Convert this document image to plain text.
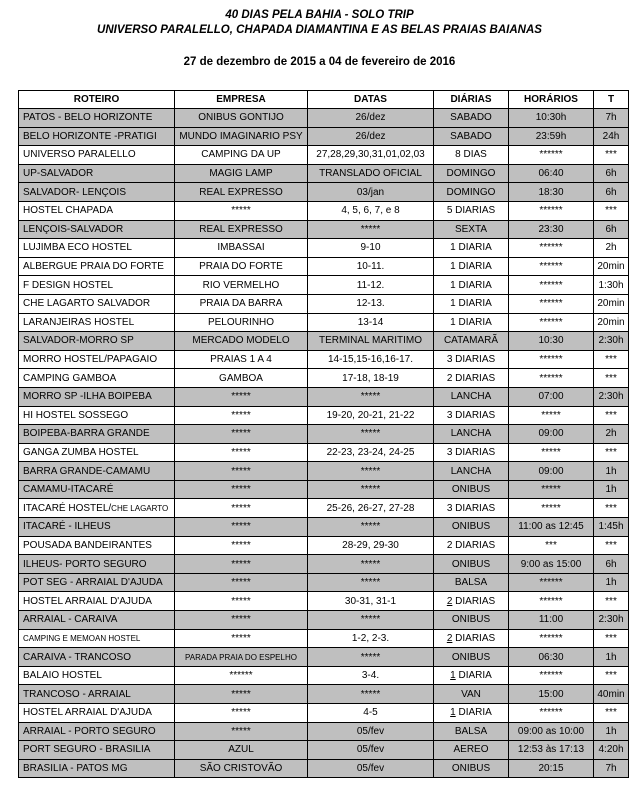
40 DIAS PELA BAHIA - SOLO TRIP
UNIVERSO PARALELLO, CHAPADA DIAMANTINA E AS BELAS PRAIAS BAIANAS
27 de dezembro de 2015 a 04 de fevereiro de 2016
ROTEIRO	EMPRESA	DATAS	DIÁRIAS	HORÁRIOS	T
PATOS - BELO HORIZONTE	ONIBUS GONTIJO	26/dez	SABADO	10:30h	7h
BELO HORIZONTE -PRATIGI	MUNDO IMAGINARIO PSY	26/dez	SABADO	23:59h	24h
UNIVERSO PARALELLO	CAMPING DA UP	27,28,29,30,31,01,02,03	8 DIAS	******	***
UP-SALVADOR	MAGIG LAMP	TRANSLADO OFICIAL	DOMINGO	06:40	6h
SALVADOR- LENÇOIS	REAL EXPRESSO	03/jan	DOMINGO	18:30	6h
HOSTEL CHAPADA	*****	4, 5, 6, 7, e 8	5 DIARIAS	******	***
LENÇOIS-SALVADOR	REAL EXPRESSO	*****	SEXTA	23:30	6h
LUJIMBA ECO HOSTEL	IMBASSAI	9-10	1 DIARIA	******	2h
ALBERGUE PRAIA DO FORTE	PRAIA DO FORTE	10-11.	1 DIARIA	******	20min
F DESIGN HOSTEL	RIO VERMELHO	11-12.	1 DIARIA	******	1:30h
CHE LAGARTO SALVADOR	PRAIA DA BARRA	12-13.	1 DIARIA	******	20min
LARANJEIRAS HOSTEL	PELOURINHO	13-14	1 DIARIA	******	20min
SALVADOR-MORRO SP	MERCADO MODELO	TERMINAL MARITIMO	CATAMARÃ	10:30	2:30h
MORRO HOSTEL/PAPAGAIO	PRAIAS 1 A 4	14-15,15-16,16-17.	3 DIARIAS	******	***
CAMPING GAMBOA	GAMBOA	17-18, 18-19	2 DIARIAS	******	***
MORRO SP -ILHA BOIPEBA	*****	*****	LANCHA	07:00	2:30h
HI HOSTEL SOSSEGO	*****	19-20, 20-21, 21-22	3 DIARIAS	*****	***
BOIPEBA-BARRA GRANDE	*****	*****	LANCHA	09:00	2h
GANGA ZUMBA HOSTEL	*****	22-23, 23-24, 24-25	3 DIARIAS	*****	***
BARRA GRANDE-CAMAMU	*****	*****	LANCHA	09:00	1h
CAMAMU-ITACARÉ	*****	*****	ONIBUS	*****	1h
ITACARÉ HOSTEL/CHE LAGARTO	*****	25-26, 26-27, 27-28	3 DIARIAS	*****	***
ITACARÉ - ILHEUS	*****	*****	ONIBUS	11:00 as 12:45	1:45h
POUSADA BANDEIRANTES	*****	28-29, 29-30	2 DIARIAS	***	***
ILHEUS- PORTO SEGURO	*****	*****	ONIBUS	9:00 as 15:00	6h
POT SEG - ARRAIAL D'AJUDA	*****	*****	BALSA	******	1h
HOSTEL ARRAIAL D'AJUDA	*****	30-31, 31-1	2 DIARIAS	******	***
ARRAIAL - CARAIVA	*****	*****	ONIBUS	11:00	2:30h
CAMPING E MEMOAN HOSTEL	*****	1-2, 2-3.	2 DIARIAS	******	***
CARAIVA - TRANCOSO	PARADA PRAIA DO ESPELHO	*****	ONIBUS	06:30	1h
BALAIO HOSTEL	******	3-4.	1 DIARIA	******	***
TRANCOSO - ARRAIAL	*****	*****	VAN	15:00	40min
HOSTEL ARRAIAL D'AJUDA	*****	4-5	1 DIARIA	******	***
ARRAIAL - PORTO SEGURO	*****	05/fev	BALSA	09:00 as 10:00	1h
PORT SEGURO - BRASILIA	AZUL	05/fev	AEREO	12:53 às 17:13	4:20h
BRASILIA - PATOS MG	SÃO CRISTOVÃO	05/fev	ONIBUS	20:15	7h
